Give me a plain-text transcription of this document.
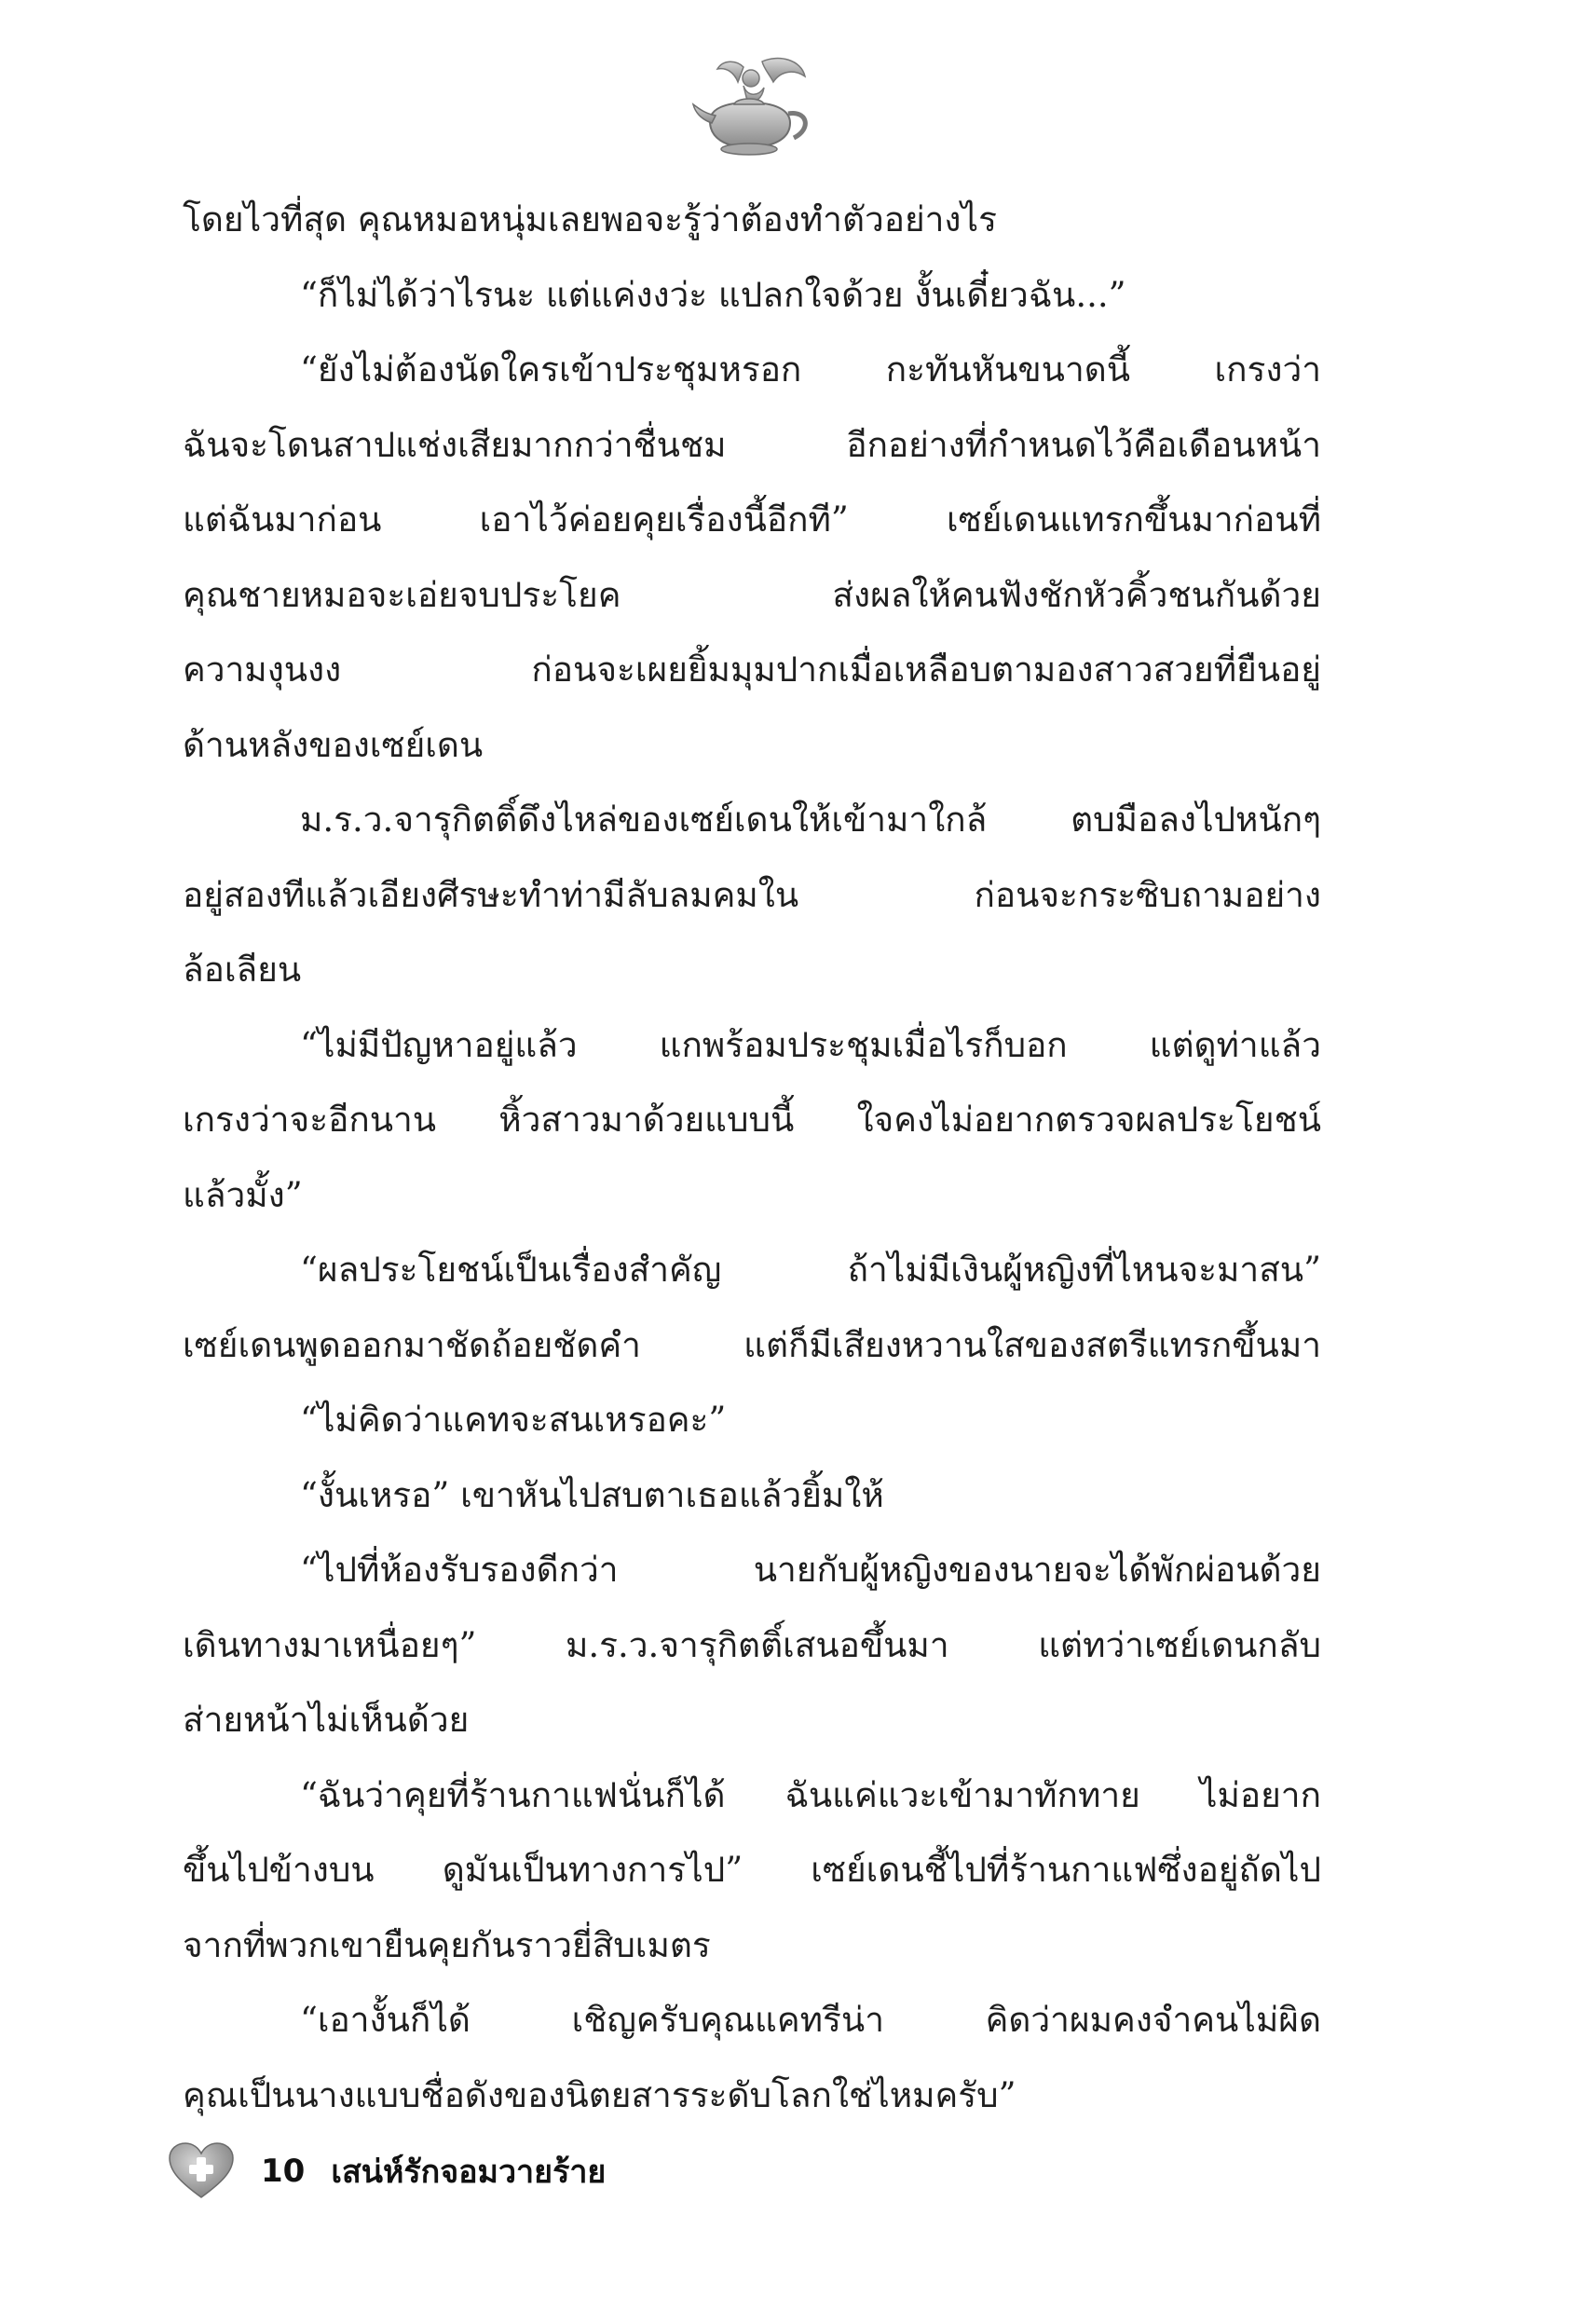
โดยไวที่สุด คุณหมอหนุ่มเลยพอจะรู้ว่าต้องทำตัวอย่างไร
“ก็ไม่ได้ว่าไรนะ แต่แค่งงว่ะ แปลกใจด้วย งั้นเดี๋ยวฉัน...”
“ยังไม่ต้องนัดใครเข้าประชุมหรอก กะทันหันขนาดนี้ เกรงว่า
ฉันจะโดนสาปแช่งเสียมากกว่าชื่นชม อีกอย่างที่กำหนดไว้คือเดือนหน้า
แต่ฉันมาก่อน เอาไว้ค่อยคุยเรื่องนี้อีกที” เซย์เดนแทรกขึ้นมาก่อนที่
คุณชายหมอจะเอ่ยจบประโยค ส่งผลให้คนฟังชักหัวคิ้วชนกันด้วย
ความงุนงง ก่อนจะเผยยิ้มมุมปากเมื่อเหลือบตามองสาวสวยที่ยืนอยู่
ด้านหลังของเซย์เดน
ม.ร.ว.จารุกิตติ์ดึงไหล่ของเซย์เดนให้เข้ามาใกล้ ตบมือลงไปหนักๆ
อยู่สองทีแล้วเอียงศีรษะทำท่ามีลับลมคมใน ก่อนจะกระซิบถามอย่าง
ล้อเลียน
“ไม่มีปัญหาอยู่แล้ว แกพร้อมประชุมเมื่อไรก็บอก แต่ดูท่าแล้ว
เกรงว่าจะอีกนาน หิ้วสาวมาด้วยแบบนี้ ใจคงไม่อยากตรวจผลประโยชน์
แล้วมั้ง”
“ผลประโยชน์เป็นเรื่องสำคัญ ถ้าไม่มีเงินผู้หญิงที่ไหนจะมาสน”
เซย์เดนพูดออกมาชัดถ้อยชัดคำ แต่ก็มีเสียงหวานใสของสตรีแทรกขึ้นมา
“ไม่คิดว่าแคทจะสนเหรอคะ”
“งั้นเหรอ” เขาหันไปสบตาเธอแล้วยิ้มให้
“ไปที่ห้องรับรองดีกว่า นายกับผู้หญิงของนายจะได้พักผ่อนด้วย
เดินทางมาเหนื่อยๆ” ม.ร.ว.จารุกิตติ์เสนอขึ้นมา แต่ทว่าเซย์เดนกลับ
ส่ายหน้าไม่เห็นด้วย
“ฉันว่าคุยที่ร้านกาแฟนั่นก็ได้ ฉันแค่แวะเข้ามาทักทาย ไม่อยาก
ขึ้นไปข้างบน ดูมันเป็นทางการไป” เซย์เดนชี้ไปที่ร้านกาแฟซึ่งอยู่ถัดไป
จากที่พวกเขายืนคุยกันราวยี่สิบเมตร
“เอางั้นก็ได้ เชิญครับคุณแคทรีน่า คิดว่าผมคงจำคนไม่ผิด
คุณเป็นนางแบบชื่อดังของนิตยสารระดับโลกใช่ไหมครับ”
10 เสน่ห์รักจอมวายร้าย
